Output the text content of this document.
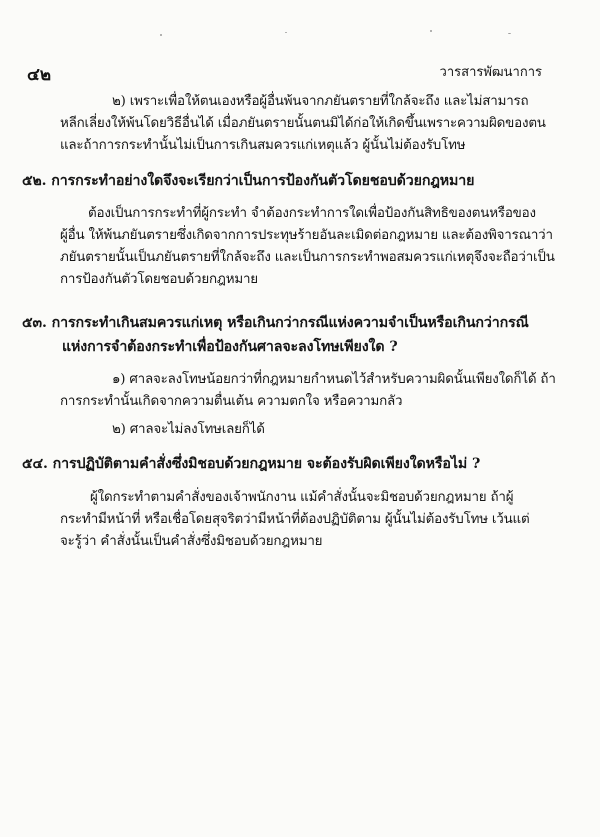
๔๒	วารสารพัฒนาการ
๒) เพราะเพื่อให้ตนเองหรือผู้อื่นพ้นจากภยันตรายที่ใกล้จะถึง และไม่สามารถ
หลีกเลี่ยงให้พ้นโดยวิธีอื่นได้ เมื่อภยันตรายนั้นตนมิได้ก่อให้เกิดขึ้นเพราะความผิดของตน
และถ้าการกระทำนั้นไม่เป็นการเกินสมควรแก่เหตุแล้ว ผู้นั้นไม่ต้องรับโทษ
๕๒. การกระทำอย่างใดจึงจะเรียกว่าเป็นการป้องกันตัวโดยชอบด้วยกฎหมาย
ต้องเป็นการกระทำที่ผู้กระทำ จำต้องกระทำการใดเพื่อป้องกันสิทธิของตนหรือของ
ผู้อื่น ให้พ้นภยันตรายซึ่งเกิดจากการประทุษร้ายอันละเมิดต่อกฎหมาย และต้องพิจารณาว่า
ภยันตรายนั้นเป็นภยันตรายที่ใกล้จะถึง และเป็นการกระทำพอสมควรแก่เหตุจึงจะถือว่าเป็น
การป้องกันตัวโดยชอบด้วยกฎหมาย
๕๓. การกระทำเกินสมควรแก่เหตุ หรือเกินกว่ากรณีแห่งความจำเป็นหรือเกินกว่ากรณี
แห่งการจำต้องกระทำเพื่อป้องกันศาลจะลงโทษเพียงใด ?
๑) ศาลจะลงโทษน้อยกว่าที่กฎหมายกำหนดไว้สำหรับความผิดนั้นเพียงใดก็ได้ ถ้า
การกระทำนั้นเกิดจากความตื่นเต้น ความตกใจ หรือความกลัว
๒) ศาลจะไม่ลงโทษเลยก็ได้
๕๔. การปฏิบัติตามคำสั่งซึ่งมิชอบด้วยกฎหมาย จะต้องรับผิดเพียงใดหรือไม่ ?
ผู้ใดกระทำตามคำสั่งของเจ้าพนักงาน แม้คำสั่งนั้นจะมิชอบด้วยกฎหมาย ถ้าผู้
กระทำมีหน้าที่ หรือเชื่อโดยสุจริตว่ามีหน้าที่ต้องปฏิบัติตาม ผู้นั้นไม่ต้องรับโทษ เว้นแต่
จะรู้ว่า คำสั่งนั้นเป็นคำสั่งซึ่งมิชอบด้วยกฎหมาย
